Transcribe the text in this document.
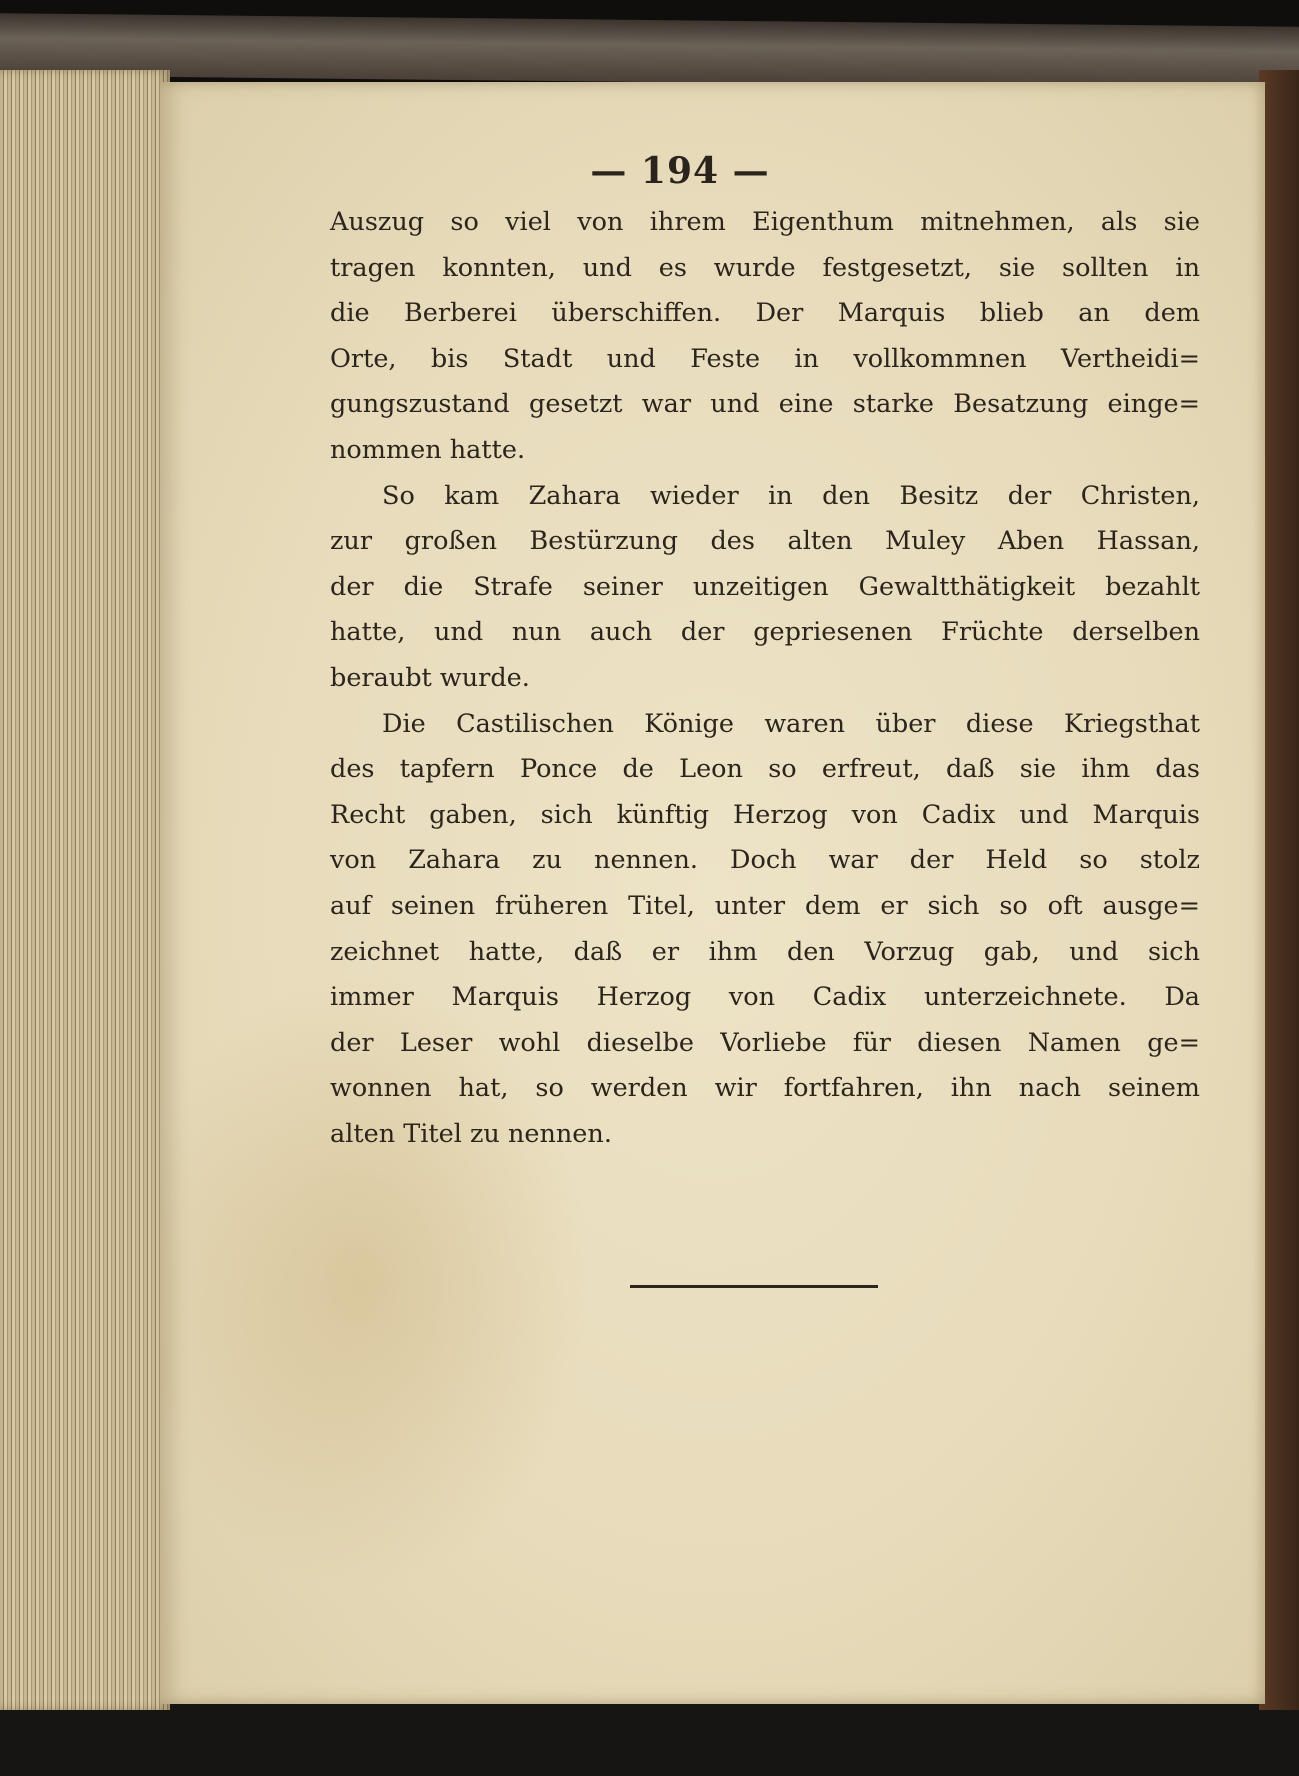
— 194 —
Auszug so viel von ihrem Eigenthum mitnehmen, als sie
tragen konnten, und es wurde festgesetzt, sie sollten in
die Berberei überschiffen. Der Marquis blieb an dem
Orte, bis Stadt und Feste in vollkommnen Vertheidi=
gungszustand gesetzt war und eine starke Besatzung einge=
nommen hatte.
So kam Zahara wieder in den Besitz der Christen,
zur großen Bestürzung des alten Muley Aben Hassan,
der die Strafe seiner unzeitigen Gewaltthätigkeit bezahlt
hatte, und nun auch der gepriesenen Früchte derselben
beraubt wurde.
Die Castilischen Könige waren über diese Kriegsthat
des tapfern Ponce de Leon so erfreut, daß sie ihm das
Recht gaben, sich künftig Herzog von Cadix und Marquis
von Zahara zu nennen. Doch war der Held so stolz
auf seinen früheren Titel, unter dem er sich so oft ausge=
zeichnet hatte, daß er ihm den Vorzug gab, und sich
immer Marquis Herzog von Cadix unterzeichnete. Da
der Leser wohl dieselbe Vorliebe für diesen Namen ge=
wonnen hat, so werden wir fortfahren, ihn nach seinem
alten Titel zu nennen.
